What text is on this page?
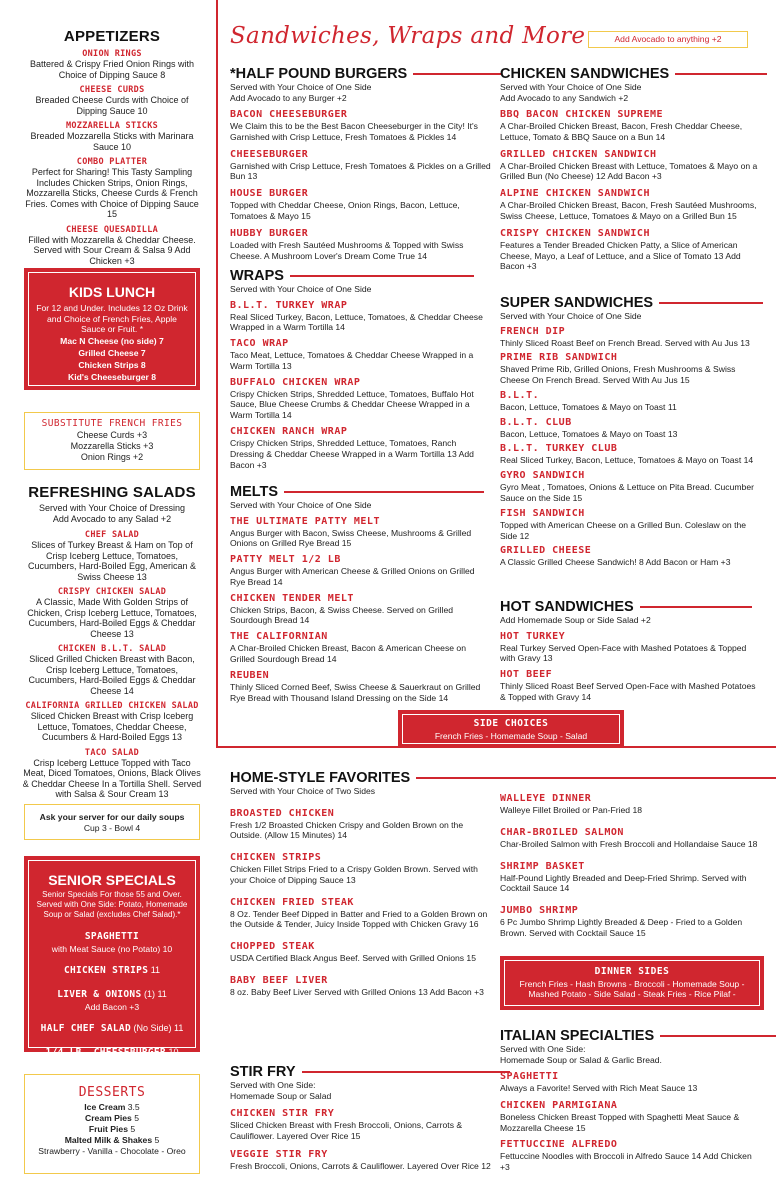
APPETIZERS
ONION RINGS
Battered & Crispy Fried Onion Rings with Choice of Dipping Sauce 8
CHEESE CURDS
Breaded Cheese Curds with Choice of Dipping Sauce 10
MOZZARELLA STICKS
Breaded Mozzarella Sticks with Marinara Sauce 10
COMBO PLATTER
Perfect for Sharing! This Tasty Sampling Includes Chicken Strips, Onion Rings, Mozzarella Sticks, Cheese Curds & French Fries. Comes with Choice of Dipping Sauce 15
CHEESE QUESADILLA
Filled with Mozzarella & Cheddar Cheese. Served with Sour Cream & Salsa 9 Add Chicken +3
KIDS LUNCH
For 12 and Under. Includes 12 Oz Drink and Choice of French Fries, Apple Sauce or Fruit. *
Mac N Cheese (no side) 7
Grilled Cheese 7
Chicken Strips 8
Kid's Cheeseburger 8
SUBSTITUTE FRENCH FRIES
Cheese Curds +3
Mozzarella Sticks +3
Onion Rings +2
REFRESHING SALADS
Served with Your Choice of Dressing
Add Avocado to any Salad +2
CHEF SALAD
Slices of Turkey Breast & Ham on Top of Crisp Iceberg Lettuce, Tomatoes, Cucumbers, Hard-Boiled Egg, American & Swiss Cheese 13
CRISPY CHICKEN SALAD
A Classic, Made With Golden Strips of Chicken, Crisp Iceberg Lettuce, Tomatoes, Cucumbers, Hard-Boiled Eggs & Cheddar Cheese 13
CHICKEN B.L.T. SALAD
Sliced Grilled Chicken Breast with Bacon, Crisp Iceberg Lettuce, Tomatoes, Cucumbers, Hard-Boiled Eggs & Cheddar Cheese 14
CALIFORNIA GRILLED CHICKEN SALAD
Sliced Chicken Breast with Crisp Iceberg Lettuce, Tomatoes, Cheddar Cheese, Cucumbers & Hard-Boiled Eggs 13
TACO SALAD
Crisp Iceberg Lettuce Topped with Taco Meat, Diced Tomatoes, Onions, Black Olives & Cheddar Cheese In a Tortilla Shell. Served with Salsa & Sour Cream 13
Ask your server for our daily soups
Cup 3 - Bowl 4
SENIOR SPECIALS
Senior Specials For those 55 and Over. Served with One Side: Potato, Homemade Soup or Salad (excludes Chef Salad).*
SPAGHETTI
with Meat Sauce (no Potato) 10
CHICKEN STRIPS 11
LIVER & ONIONS (1) 11
Add Bacon +3
HALF CHEF SALAD (No Side) 11
1/4 LB. CHEESEBURGER 10
DESSERTS
Ice Cream 3.5
Cream Pies 5
Fruit Pies 5
Malted Milk & Shakes 5
Strawberry - Vanilla - Chocolate - Oreo
Sandwiches, Wraps and More	Add Avocado to anything +2
*HALF POUND BURGERS
Served with Your Choice of One Side
Add Avocado to any Burger +2
BACON CHEESEBURGER
We Claim this to be the Best Bacon Cheeseburger in the City! It's Garnished with Crisp Lettuce, Fresh Tomatoes & Pickles 14
CHEESEBURGER
Garnished with Crisp Lettuce, Fresh Tomatoes & Pickles on a Grilled Bun 13
HOUSE BURGER
Topped with Cheddar Cheese, Onion Rings, Bacon, Lettuce, Tomatoes & Mayo 15
HUBBY BURGER
Loaded with Fresh Sautéed Mushrooms & Topped with Swiss Cheese. A Mushroom Lover's Dream Come True 14
WRAPS
Served with Your Choice of One Side
B.L.T. TURKEY WRAP
Real Sliced Turkey, Bacon, Lettuce, Tomatoes, & Cheddar Cheese Wrapped in a Warm Tortilla 14
TACO WRAP
Taco Meat, Lettuce, Tomatoes & Cheddar Cheese Wrapped in a Warm Tortilla 13
BUFFALO CHICKEN WRAP
Crispy Chicken Strips, Shredded Lettuce, Tomatoes, Buffalo Hot Sauce, Blue Cheese Crumbs & Cheddar Cheese Wrapped in a Warm Tortilla 14
CHICKEN RANCH WRAP
Crispy Chicken Strips, Shredded Lettuce, Tomatoes, Ranch Dressing & Cheddar Cheese Wrapped in a Warm Tortilla 13 Add Bacon +3
MELTS
Served with Your Choice of One Side
THE ULTIMATE PATTY MELT
Angus Burger with Bacon, Swiss Cheese, Mushrooms & Grilled Onions on Grilled Rye Bread 15
PATTY MELT 1/2 LB
Angus Burger with American Cheese & Grilled Onions on Grilled Rye Bread 14
CHICKEN TENDER MELT
Chicken Strips, Bacon, & Swiss Cheese. Served on Grilled Sourdough Bread 14
THE CALIFORNIAN
A Char-Broiled Chicken Breast, Bacon & American Cheese on Grilled Sourdough Bread 14
REUBEN
Thinly Sliced Corned Beef, Swiss Cheese & Sauerkraut on Grilled Rye Bread with Thousand Island Dressing on the Side 14
CHICKEN SANDWICHES
Served with Your Choice of One Side
Add Avocado to any Sandwich +2
BBQ BACON CHICKEN SUPREME
A Char-Broiled Chicken Breast, Bacon, Fresh Cheddar Cheese, Lettuce, Tomato & BBQ Sauce on a Bun 14
GRILLED CHICKEN SANDWICH
A Char-Broiled Chicken Breast with Lettuce, Tomatoes & Mayo on a Grilled Bun (No Cheese) 12 Add Bacon +3
ALPINE CHICKEN SANDWICH
A Char-Broiled Chicken Breast, Bacon, Fresh Sautéed Mushrooms, Swiss Cheese, Lettuce, Tomatoes & Mayo on a Grilled Bun 15
CRISPY CHICKEN SANDWICH
Features a Tender Breaded Chicken Patty, a Slice of American Cheese, Mayo, a Leaf of Lettuce, and a Slice of Tomato 13 Add Bacon +3
SUPER SANDWICHES
Served with Your Choice of One Side
FRENCH DIP
Thinly Sliced Roast Beef on French Bread. Served with Au Jus 13
PRIME RIB SANDWICH
Shaved Prime Rib, Grilled Onions, Fresh Mushrooms & Swiss Cheese On French Bread. Served With Au Jus 15
B.L.T.
Bacon, Lettuce, Tomatoes & Mayo on Toast 11
B.L.T. CLUB
Bacon, Lettuce, Tomatoes & Mayo on Toast 13
B.L.T. TURKEY CLUB
Real Sliced Turkey, Bacon, Lettuce, Tomatoes & Mayo on Toast 14
GYRO SANDWICH
Gyro Meat , Tomatoes, Onions & Lettuce on Pita Bread. Cucumber Sauce on the Side 15
FISH SANDWICH
Topped with American Cheese on a Grilled Bun. Coleslaw on the Side 12
GRILLED CHEESE
A Classic Grilled Cheese Sandwich! 8 Add Bacon or Ham +3
HOT SANDWICHES
Add Homemade Soup or Side Salad +2
HOT TURKEY
Real Turkey Served Open-Face with Mashed Potatoes & Topped with Gravy 13
HOT BEEF
Thinly Sliced Roast Beef Served Open-Face with Mashed Potatoes & Topped with Gravy 14
HOME-STYLE FAVORITES
Served with Your Choice of Two Sides
BROASTED CHICKEN
Fresh 1/2 Broasted Chicken Crispy and Golden Brown on the Outside. (Allow 15 Minutes) 14
CHICKEN STRIPS
Chicken Fillet Strips Fried to a Crispy Golden Brown. Served with your Choice of Dipping Sauce 13
CHICKEN FRIED STEAK
8 Oz. Tender Beef Dipped in Batter and Fried to a Golden Brown on the Outside & Tender, Juicy Inside Topped with Chicken Gravy 16
CHOPPED STEAK
USDA Certified Black Angus Beef. Served with Grilled Onions 15
BABY BEEF LIVER
8 oz. Baby Beef Liver Served with Grilled Onions 13 Add Bacon +3
WALLEYE DINNER
Walleye Fillet Broiled or Pan-Fried 18
CHAR-BROILED SALMON
Char-Broiled Salmon with Fresh Broccoli and Hollandaise Sauce 18
SHRIMP BASKET
Half-Pound Lightly Breaded and Deep-Fried Shrimp. Served with Cocktail Sauce 14
JUMBO SHRIMP
6 Pc Jumbo Shrimp Lightly Breaded & Deep - Fried to a Golden Brown. Served with Cocktail Sauce 15
STIR FRY
Served with One Side:
Homemade Soup or Salad
CHICKEN STIR FRY
Sliced Chicken Breast with Fresh Broccoli, Onions, Carrots & Cauliflower. Layered Over Rice 15
VEGGIE STIR FRY
Fresh Broccoli, Onions, Carrots & Cauliflower. Layered Over Rice 12
ITALIAN SPECIALTIES
Served with One Side:
Homemade Soup or Salad & Garlic Bread.
SPAGHETTI
Always a Favorite! Served with Rich Meat Sauce 13
CHICKEN PARMIGIANA
Boneless Chicken Breast Topped with Spaghetti Meat Sauce & Mozzarella Cheese 15
FETTUCCINE ALFREDO
Fettuccine Noodles with Broccoli in Alfredo Sauce 14 Add Chicken +3
SIDE CHOICES
French Fries - Homemade Soup - Salad
DINNER SIDES
French Fries - Hash Browns - Broccoli - Homemade Soup - Mashed Potato - Side Salad - Steak Fries - Rice Pilaf -
